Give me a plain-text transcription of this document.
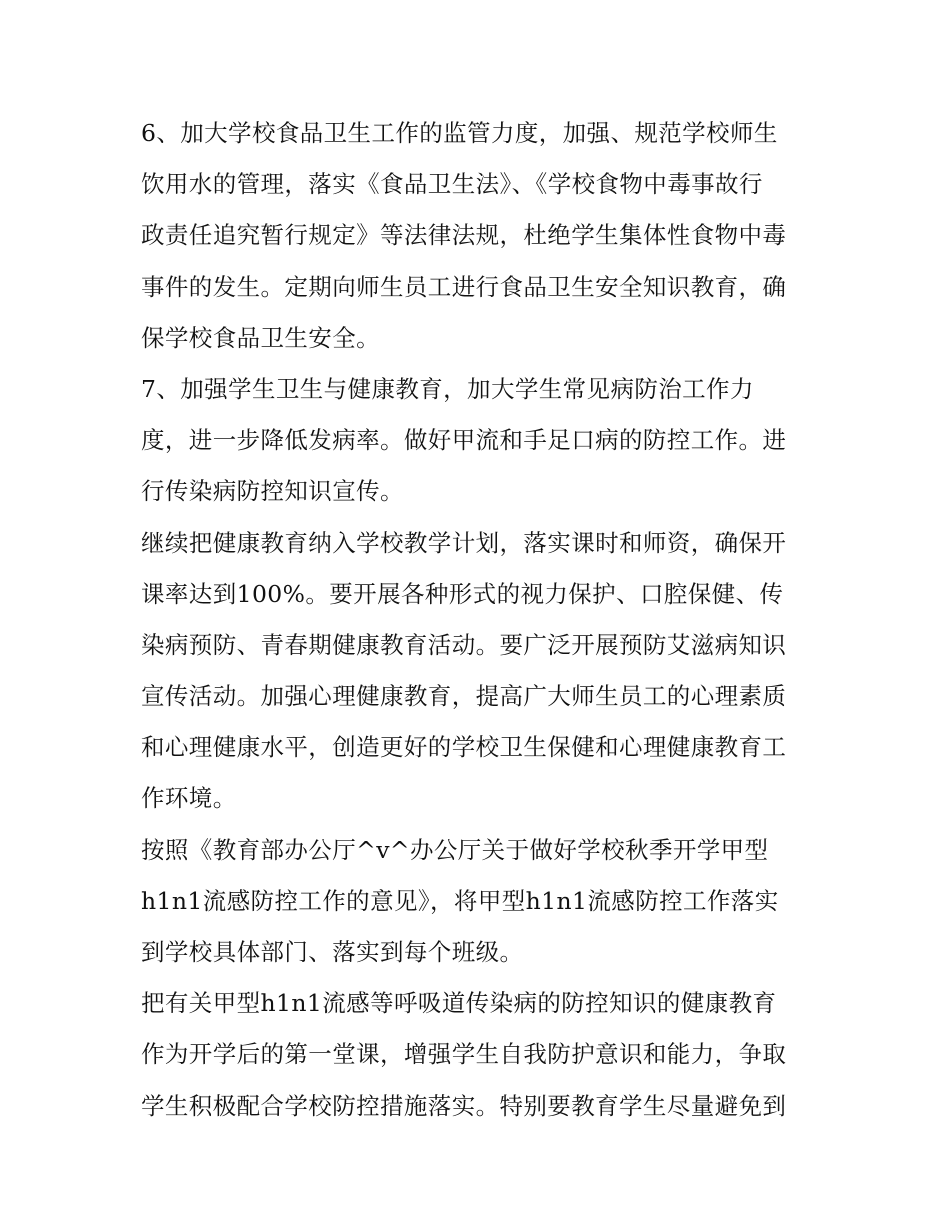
6、加大学校食品卫生工作的监管力度，加强、规范学校师生
饮用水的管理，落实《食品卫生法》、《学校食物中毒事故行
政责任追究暂行规定》等法律法规，杜绝学生集体性食物中毒
事件的发生。定期向师生员工进行食品卫生安全知识教育，确
保学校食品卫生安全。
7、加强学生卫生与健康教育，加大学生常见病防治工作力
度，进一步降低发病率。做好甲流和手足口病的防控工作。进
行传染病防控知识宣传。
继续把健康教育纳入学校教学计划，落实课时和师资，确保开
课率达到100%。要开展各种形式的视力保护、口腔保健、传
染病预防、青春期健康教育活动。要广泛开展预防艾滋病知识
宣传活动。加强心理健康教育，提高广大师生员工的心理素质
和心理健康水平，创造更好的学校卫生保健和心理健康教育工
作环境。
按照《教育部办公厅^v^办公厅关于做好学校秋季开学甲型
h1n1流感防控工作的意见》，将甲型h1n1流感防控工作落实
到学校具体部门、落实到每个班级。
把有关甲型h1n1流感等呼吸道传染病的防控知识的健康教育
作为开学后的第一堂课，增强学生自我防护意识和能力，争取
学生积极配合学校防控措施落实。特别要教育学生尽量避免到
